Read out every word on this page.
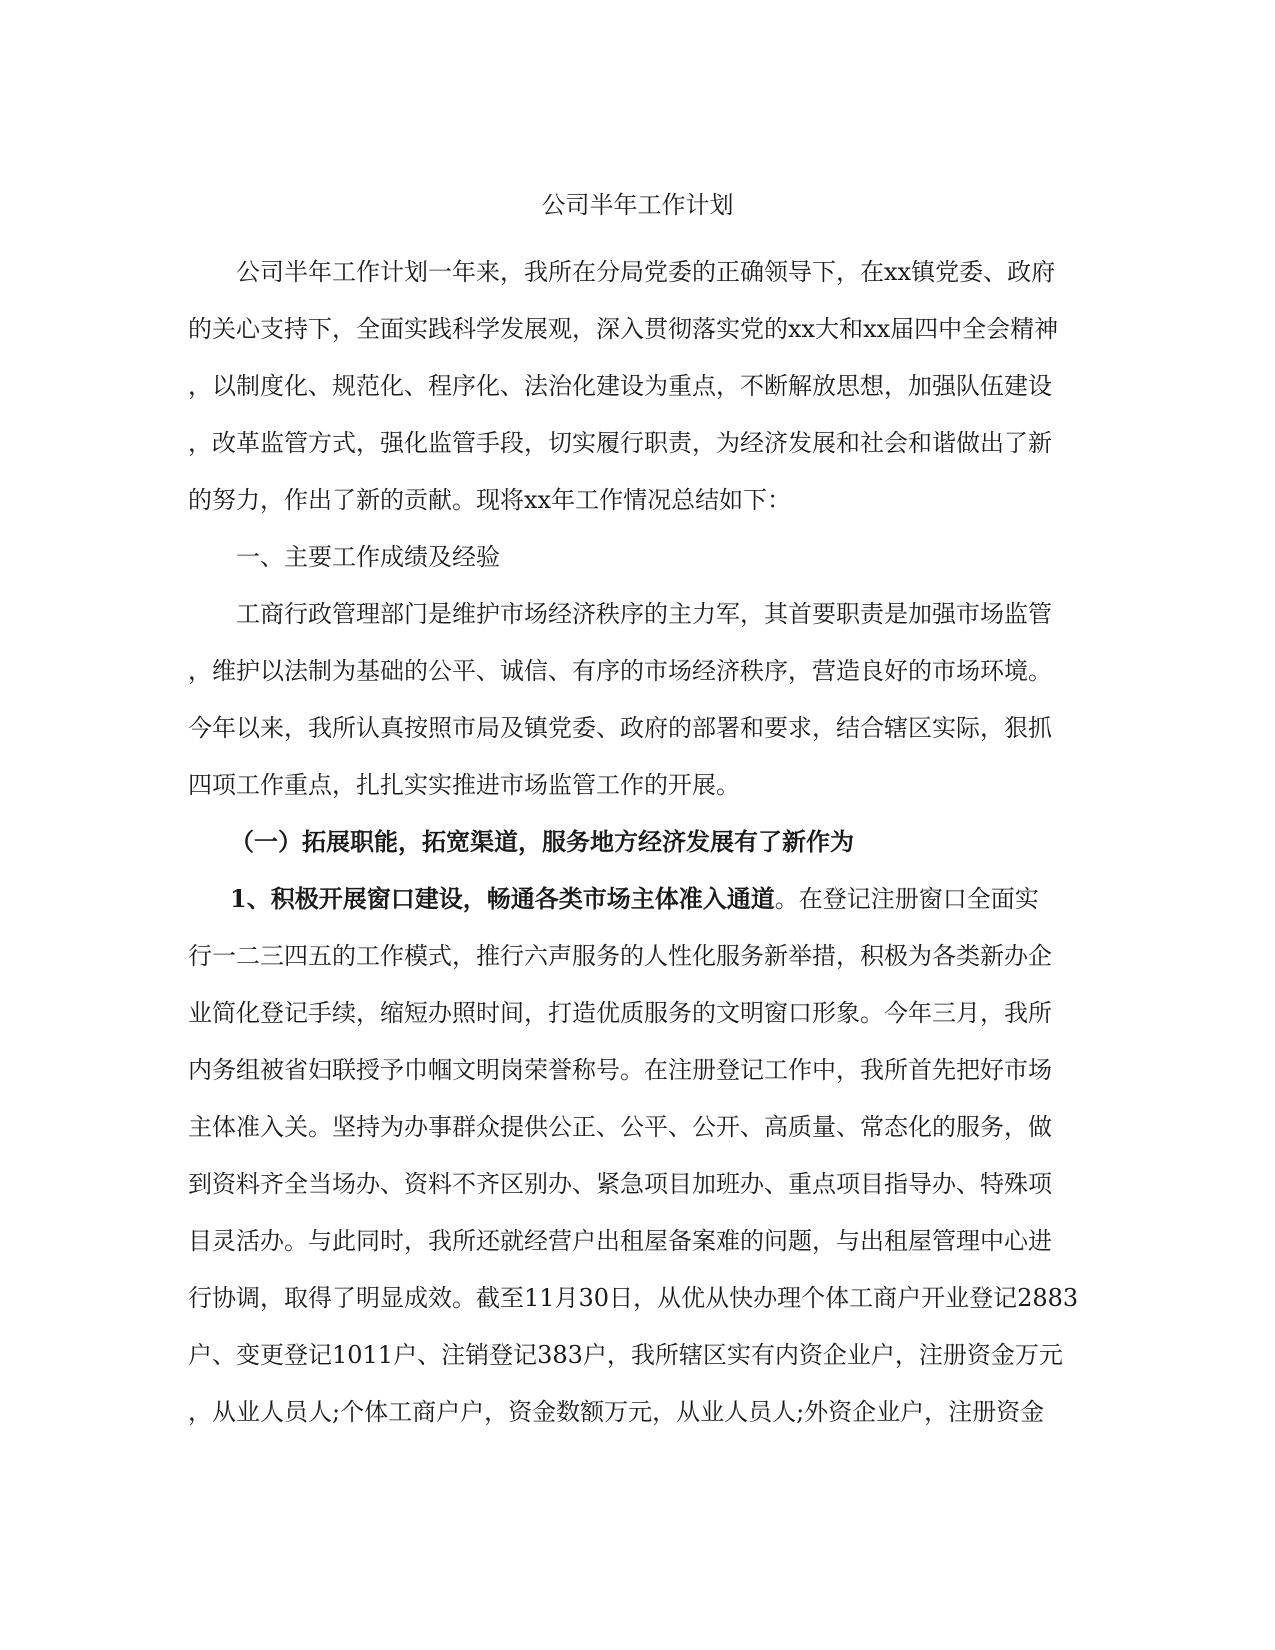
公司半年工作计划

　　公司半年工作计划一年来，我所在分局党委的正确领导下，在xx镇党委、政府

的关心支持下，全面实践科学发展观，深入贯彻落实党的xx大和xx届四中全会精神

，以制度化、规范化、程序化、法治化建设为重点，不断解放思想，加强队伍建设

，改革监管方式，强化监管手段，切实履行职责，为经济发展和社会和谐做出了新

的努力，作出了新的贡献。现将xx年工作情况总结如下：

　　一、主要工作成绩及经验

　　工商行政管理部门是维护市场经济秩序的主力军，其首要职责是加强市场监管

，维护以法制为基础的公平、诚信、有序的市场经济秩序，营造良好的市场环境。

今年以来，我所认真按照市局及镇党委、政府的部署和要求，结合辖区实际，狠抓

四项工作重点，扎扎实实推进市场监管工作的开展。

（一）拓展职能，拓宽渠道，服务地方经济发展有了新作为

1、积极开展窗口建设，畅通各类市场主体准入通道。在登记注册窗口全面实

行一二三四五的工作模式，推行六声服务的人性化服务新举措，积极为各类新办企

业简化登记手续，缩短办照时间，打造优质服务的文明窗口形象。今年三月，我所

内务组被省妇联授予巾帼文明岗荣誉称号。在注册登记工作中，我所首先把好市场

主体准入关。坚持为办事群众提供公正、公平、公开、高质量、常态化的服务，做

到资料齐全当场办、资料不齐区别办、紧急项目加班办、重点项目指导办、特殊项

目灵活办。与此同时，我所还就经营户出租屋备案难的问题，与出租屋管理中心进

行协调，取得了明显成效。截至11月30日，从优从快办理个体工商户开业登记2883

户、变更登记1011户、注销登记383户，我所辖区实有内资企业户，注册资金万元

，从业人员人;个体工商户户，资金数额万元，从业人员人;外资企业户，注册资金
